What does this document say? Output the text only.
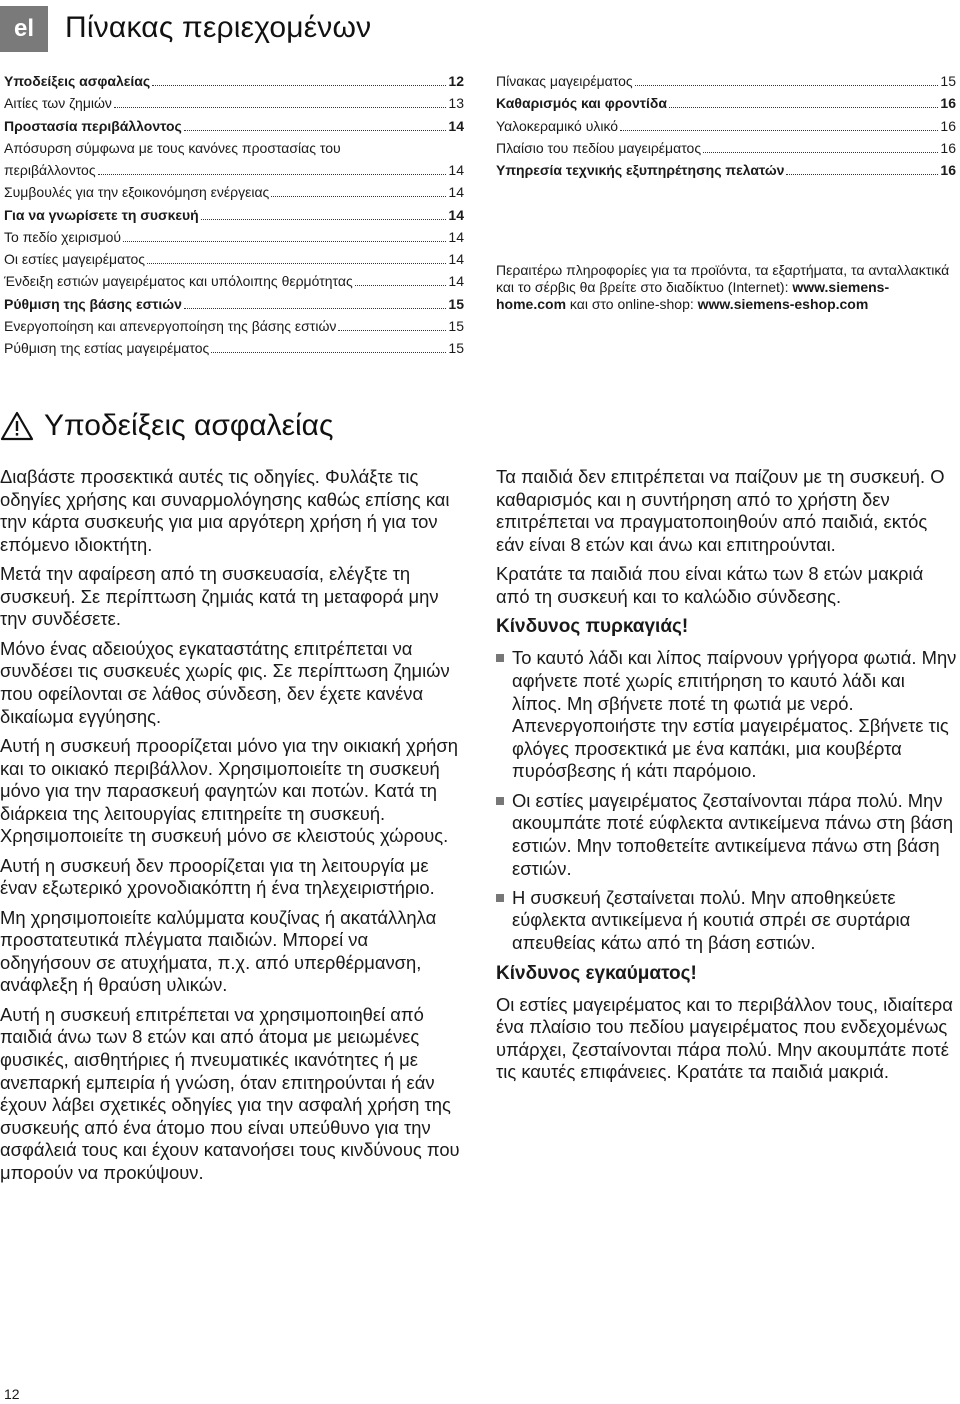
el	Πίνακας περιεχομένων
Υποδείξεις ασφαλείας	12
Αιτίες των ζημιών	13
Προστασία περιβάλλοντος	14
Απόσυρση σύμφωνα με τους κανόνες προστασίας του
περιβάλλοντος	14
Συμβουλές για την εξοικονόμηση ενέργειας	14
Για να γνωρίσετε τη συσκευή	14
Το πεδίο χειρισμού	14
Οι εστίες μαγειρέματος	14
Ένδειξη εστιών μαγειρέματος και υπόλοιπης θερμότητας	14
Ρύθμιση της βάσης εστιών	15
Ενεργοποίηση και απενεργοποίηση της βάσης εστιών	15
Ρύθμιση της εστίας μαγειρέματος	15
Πίνακας μαγειρέματος	15
Καθαρισμός και φροντίδα	16
Υαλοκεραμικό υλικό	16
Πλαίσιο του πεδίου μαγειρέματος	16
Υπηρεσία τεχνικής εξυπηρέτησης πελατών	16
Περαιτέρω πληροφορίες για τα προϊόντα, τα εξαρτήματα, τα ανταλλακτικά και το σέρβις θα βρείτε στο διαδίκτυο (Internet): www.siemens-home.com και στο online-shop: www.siemens-eshop.com
Υποδείξεις ασφαλείας

Διαβάστε προσεκτικά αυτές τις οδηγίες. Φυλάξτε τις οδηγίες χρήσης και συναρμολόγησης καθώς επίσης και την κάρτα συσκευής για μια αργότερη χρήση ή για τον επόμενο ιδιοκτήτη.

Μετά την αφαίρεση από τη συσκευασία, ελέγξτε τη συσκευή. Σε περίπτωση ζημιάς κατά τη μεταφορά μην την συνδέσετε.

Μόνο ένας αδειούχος εγκαταστάτης επιτρέπεται να συνδέσει τις συσκευές χωρίς φις. Σε περίπτωση ζημιών που οφείλονται σε λάθος σύνδεση, δεν έχετε κανένα δικαίωμα εγγύησης.

Αυτή η συσκευή προορίζεται μόνο για την οικιακή χρήση και το οικιακό περιβάλλον. Χρησιμοποιείτε τη συσκευή μόνο για την παρασκευή φαγητών και ποτών. Κατά τη διάρκεια της λειτουργίας επιτηρείτε τη συσκευή. Χρησιμοποιείτε τη συσκευή μόνο σε κλειστούς χώρους.

Αυτή η συσκευή δεν προορίζεται για τη λειτουργία με έναν εξωτερικό χρονοδιακόπτη ή ένα τηλεχειριστήριο.

Μη χρησιμοποιείτε καλύμματα κουζίνας ή ακατάλληλα προστατευτικά πλέγματα παιδιών. Μπορεί να οδηγήσουν σε ατυχήματα, π.χ. από υπερθέρμανση, ανάφλεξη ή θραύση υλικών.

Αυτή η συσκευή επιτρέπεται να χρησιμοποιηθεί από παιδιά άνω των 8 ετών και από άτομα με μειωμένες φυσικές, αισθητήριες ή πνευματικές ικανότητες ή με ανεπαρκή εμπειρία ή γνώση, όταν επιτηρούνται ή εάν έχουν λάβει σχετικές οδηγίες για την ασφαλή χρήση της συσκευής από ένα άτομο που είναι υπεύθυνο για την ασφάλειά τους και έχουν κατανοήσει τους κινδύνους που μπορούν να προκύψουν.

Τα παιδιά δεν επιτρέπεται να παίζουν με τη συσκευή. Ο καθαρισμός και η συντήρηση από το χρήστη δεν επιτρέπεται να πραγματοποιηθούν από παιδιά, εκτός εάν είναι 8 ετών και άνω και επιτηρούνται.

Κρατάτε τα παιδιά που είναι κάτω των 8 ετών μακριά από τη συσκευή και το καλώδιο σύνδεσης.

Κίνδυνος πυρκαγιάς!
Το καυτό λάδι και λίπος παίρνουν γρήγορα φωτιά. Μην αφήνετε ποτέ χωρίς επιτήρηση το καυτό λάδι και λίπος. Μη σβήνετε ποτέ τη φωτιά με νερό. Απενεργοποιήστε την εστία μαγειρέματος. Σβήνετε τις φλόγες προσεκτικά με ένα καπάκι, μια κουβέρτα πυρόσβεσης ή κάτι παρόμοιο.
Οι εστίες μαγειρέματος ζεσταίνονται πάρα πολύ. Μην ακουμπάτε ποτέ εύφλεκτα αντικείμενα πάνω στη βάση εστιών. Μην τοποθετείτε αντικείμενα πάνω στη βάση εστιών.
Η συσκευή ζεσταίνεται πολύ. Μην αποθηκεύετε εύφλεκτα αντικείμενα ή κουτιά σπρέι σε συρτάρια απευθείας κάτω από τη βάση εστιών.
Κίνδυνος εγκαύματος!

Οι εστίες μαγειρέματος και το περιβάλλον τους, ιδιαίτερα ένα πλαίσιο του πεδίου μαγειρέματος που ενδεχομένως υπάρχει, ζεσταίνονται πάρα πολύ. Μην ακουμπάτε ποτέ τις καυτές επιφάνειες. Κρατάτε τα παιδιά μακριά.

12
